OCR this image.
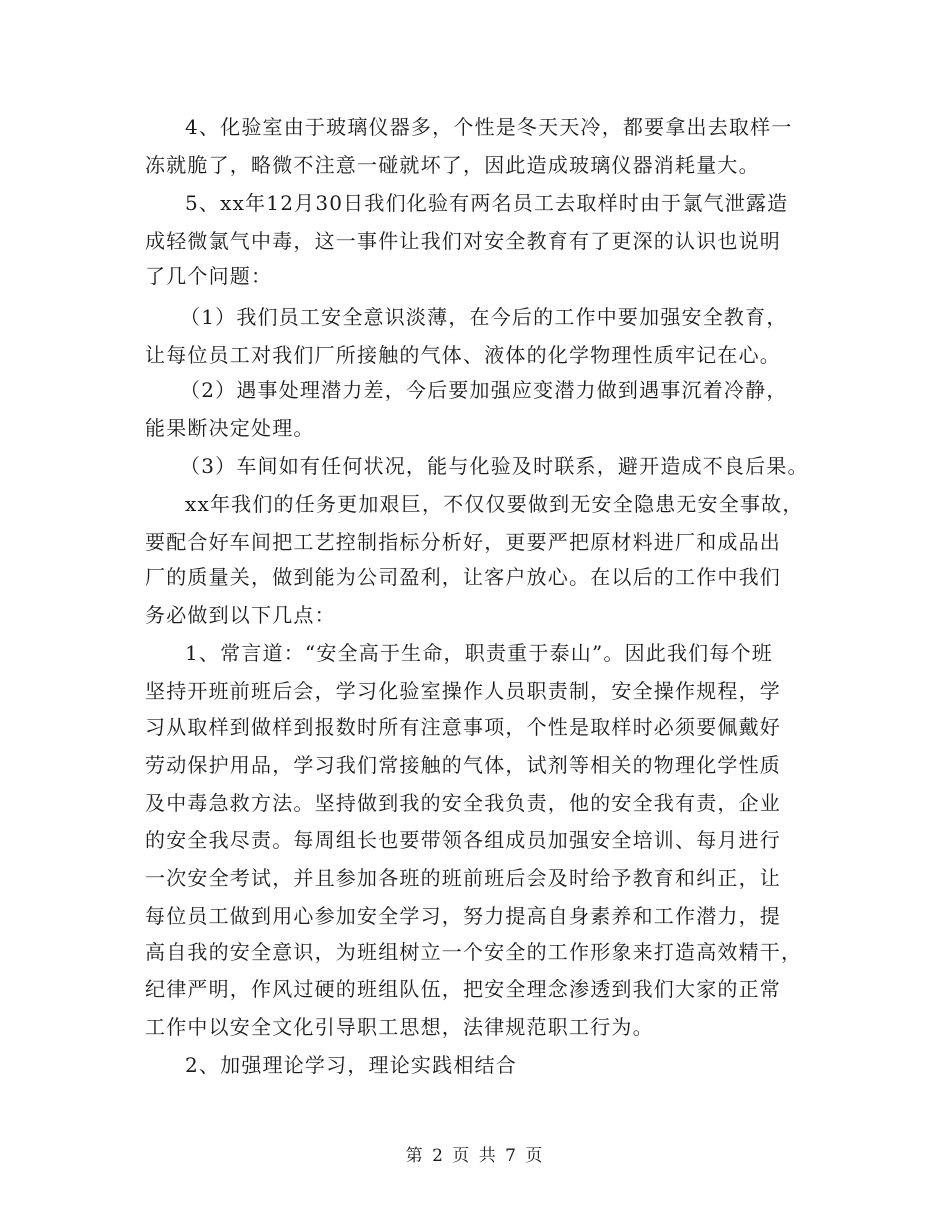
4、化验室由于玻璃仪器多，个性是冬天天冷，都要拿出去取样一
冻就脆了，略微不注意一碰就坏了，因此造成玻璃仪器消耗量大。
5、xx年12月30日我们化验有两名员工去取样时由于氯气泄露造
成轻微氯气中毒，这一事件让我们对安全教育有了更深的认识也说明
了几个问题：
（1）我们员工安全意识淡薄，在今后的工作中要加强安全教育，
让每位员工对我们厂所接触的气体、液体的化学物理性质牢记在心。
（2）遇事处理潜力差，今后要加强应变潜力做到遇事沉着冷静，
能果断决定处理。
（3）车间如有任何状况，能与化验及时联系，避开造成不良后果。
xx年我们的任务更加艰巨，不仅仅要做到无安全隐患无安全事故，
要配合好车间把工艺控制指标分析好，更要严把原材料进厂和成品出
厂的质量关，做到能为公司盈利，让客户放心。在以后的工作中我们
务必做到以下几点：
1、常言道：“安全高于生命，职责重于泰山”。因此我们每个班
坚持开班前班后会，学习化验室操作人员职责制，安全操作规程，学
习从取样到做样到报数时所有注意事项，个性是取样时必须要佩戴好
劳动保护用品，学习我们常接触的气体，试剂等相关的物理化学性质
及中毒急救方法。坚持做到我的安全我负责，他的安全我有责，企业
的安全我尽责。每周组长也要带领各组成员加强安全培训、每月进行
一次安全考试，并且参加各班的班前班后会及时给予教育和纠正，让
每位员工做到用心参加安全学习，努力提高自身素养和工作潜力，提
高自我的安全意识，为班组树立一个安全的工作形象来打造高效精干，
纪律严明，作风过硬的班组队伍，把安全理念渗透到我们大家的正常
工作中以安全文化引导职工思想，法律规范职工行为。
2、加强理论学习，理论实践相结合
第 2 页 共 7 页
